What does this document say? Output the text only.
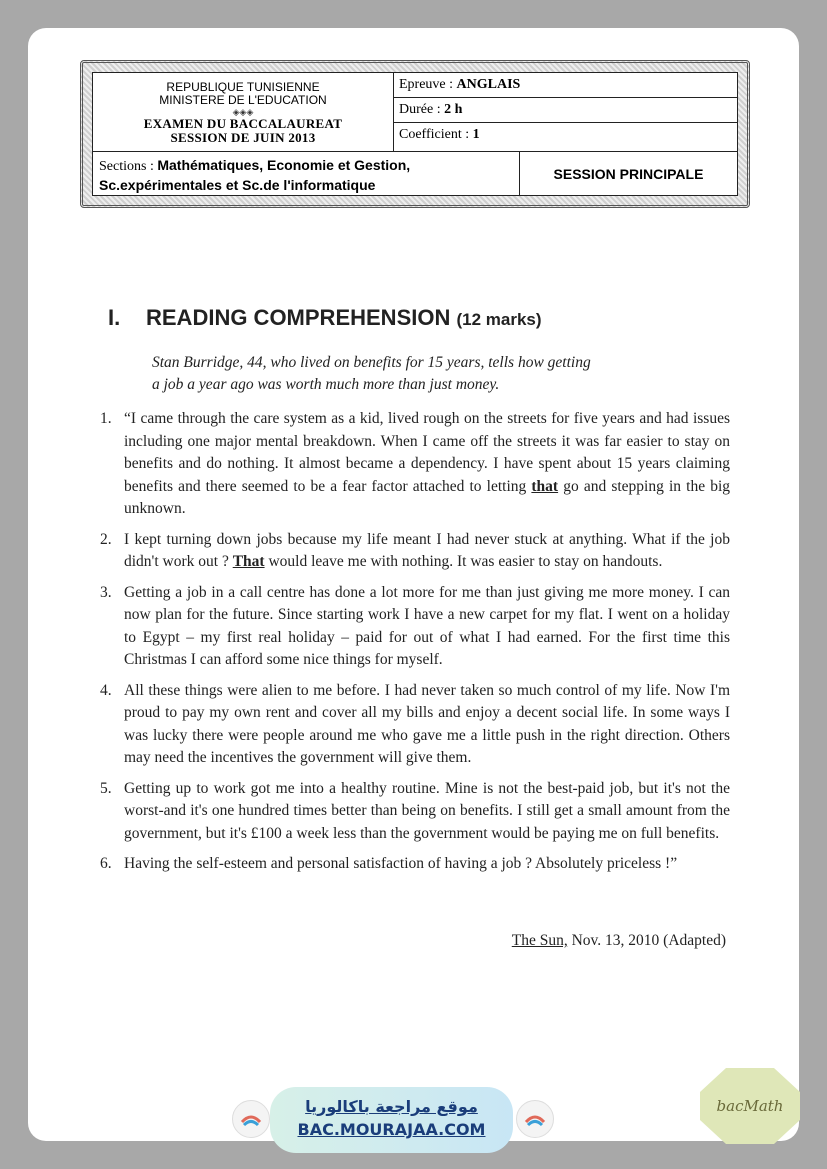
REPUBLIQUE TUNISIENNE
MINISTERE DE L'EDUCATION
◈◈◈
EXAMEN DU BACCALAUREAT
SESSION DE JUIN 2013
Epreuve : ANGLAIS
Durée : 2 h
Coefficient : 1
Sections : Mathématiques, Economie et Gestion,
Sc.expérimentales et Sc.de l'informatique
SESSION PRINCIPALE
I. READING COMPREHENSION (12 marks)
Stan Burridge, 44, who lived on benefits for 15 years, tells how getting
a job a year ago was worth much more than just money.
1. “I came through the care system as a kid, lived rough on the streets for five years and had issues including one major mental breakdown. When I came off the streets it was far easier to stay on benefits and do nothing. It almost became a dependency. I have spent about 15 years claiming benefits and there seemed to be a fear factor attached to letting that go and stepping in the big unknown.
2. I kept turning down jobs because my life meant I had never stuck at anything. What if the job didn't work out ? That would leave me with nothing. It was easier to stay on handouts.
3. Getting a job in a call centre has done a lot more for me than just giving me more money. I can now plan for the future. Since starting work I have a new carpet for my flat. I went on a holiday to Egypt – my first real holiday – paid for out of what I had earned. For the first time this Christmas I can afford some nice things for myself.
4. All these things were alien to me before. I had never taken so much control of my life. Now I'm proud to pay my own rent and cover all my bills and enjoy a decent social life. In some ways I was lucky there were people around me who gave me a little push in the right direction. Others may need the incentives the government will give them.
5. Getting up to work got me into a healthy routine. Mine is not the best-paid job, but it's not the worst-and it's one hundred times better than being on benefits. I still get a small amount from the government, but it's £100 a week less than the government would be paying me on full benefits.
6. Having the self-esteem and personal satisfaction of having a job ? Absolutely priceless !”
The Sun, Nov. 13, 2010 (Adapted)
موقع مراجعة باكالوريا
BAC.MOURAJAA.COM
bacMath
